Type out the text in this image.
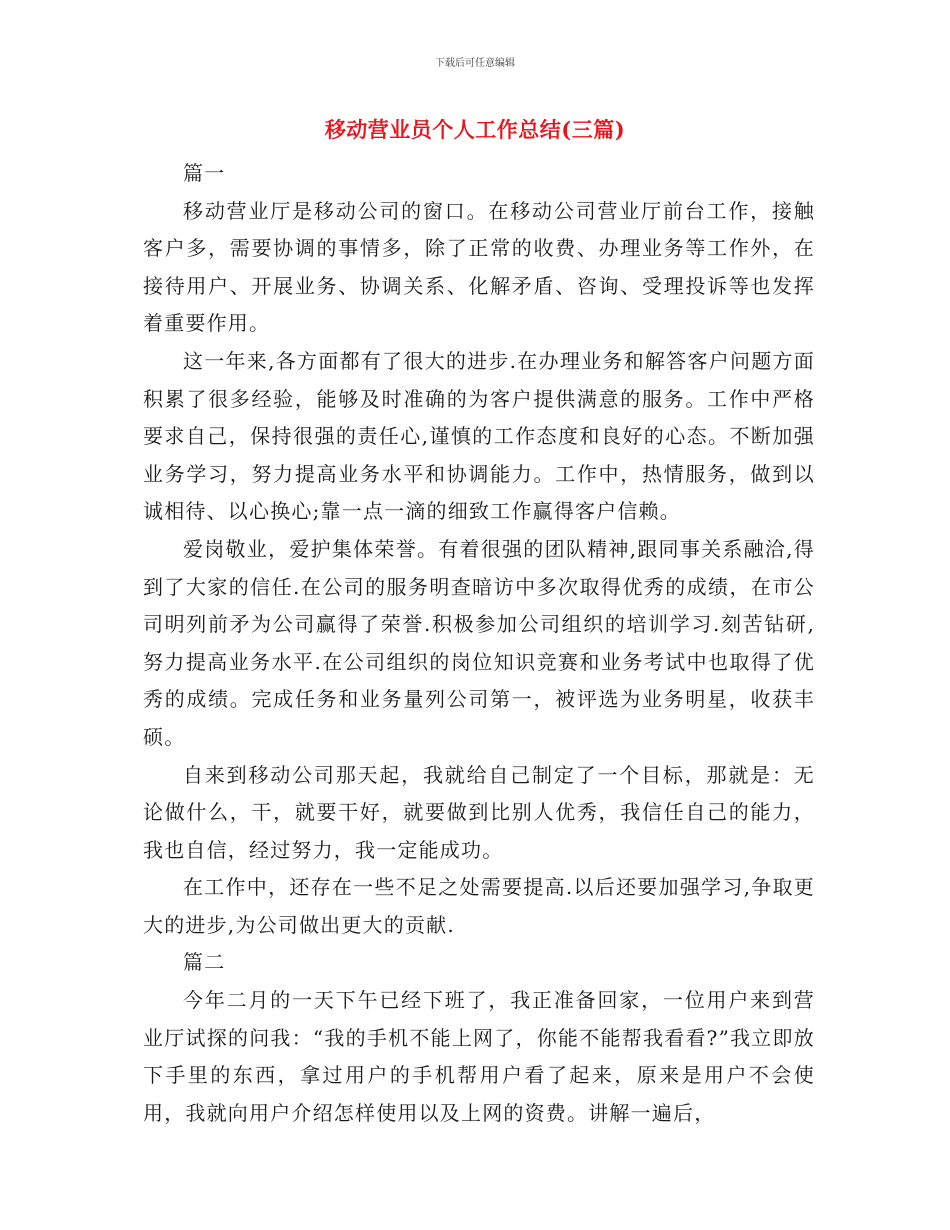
下载后可任意编辑
移动营业员个人工作总结(三篇)

篇一

移动营业厅是移动公司的窗口。在移动公司营业厅前台工作，接触客户多，需要协调的事情多，除了正常的收费、办理业务等工作外，在接待用户、开展业务、协调关系、化解矛盾、咨询、受理投诉等也发挥着重要作用。

这一年来,各方面都有了很大的进步.在办理业务和解答客户问题方面积累了很多经验，能够及时准确的为客户提供满意的服务。工作中严格要求自己，保持很强的责任心,谨慎的工作态度和良好的心态。不断加强业务学习，努力提高业务水平和协调能力。工作中，热情服务，做到以诚相待、以心换心;靠一点一滴的细致工作赢得客户信赖。

爱岗敬业，爱护集体荣誉。有着很强的团队精神,跟同事关系融洽,得到了大家的信任.在公司的服务明查暗访中多次取得优秀的成绩，在市公司明列前矛为公司赢得了荣誉.积极参加公司组织的培训学习.刻苦钻研,努力提高业务水平.在公司组织的岗位知识竞赛和业务考试中也取得了优秀的成绩。完成任务和业务量列公司第一，被评选为业务明星，收获丰硕。

自来到移动公司那天起，我就给自己制定了一个目标，那就是：无论做什么，干，就要干好，就要做到比别人优秀，我信任自己的能力，我也自信，经过努力，我一定能成功。

在工作中，还存在一些不足之处需要提高.以后还要加强学习,争取更大的进步,为公司做出更大的贡献.

篇二

今年二月的一天下午已经下班了，我正准备回家，一位用户来到营业厅试探的问我：“我的手机不能上网了，你能不能帮我看看?”我立即放下手里的东西，拿过用户的手机帮用户看了起来，原来是用户不会使用，我就向用户介绍怎样使用以及上网的资费。讲解一遍后，
